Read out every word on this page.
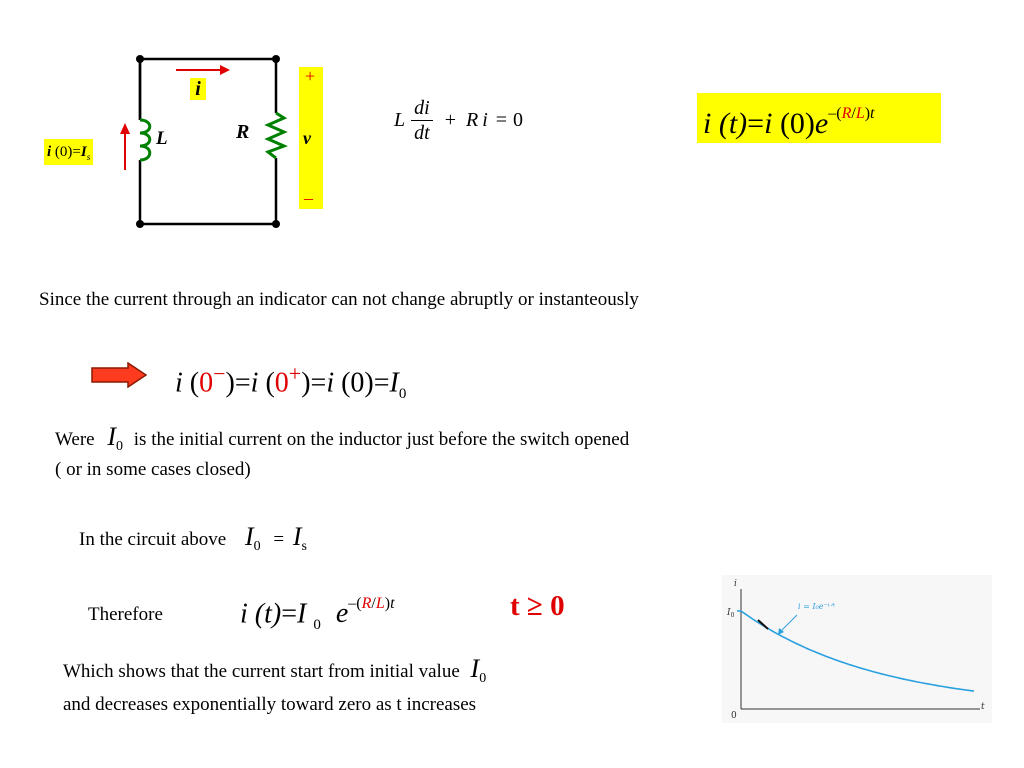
i
L	R
+
v
–
i $(0)=I_s$
L $\frac{di}{dt} + R$ i = 0	i (t)=i $(0)e^{-(R/L)t}$
Since the current through an indicator can not change abruptly or instanteously
i (0−)=i (0+)=i $(0)=I_0$
Were $I_0$ is the initial current on the inductor just before the switch opened
( or in some cases closed)
In the circuit above $I_0 = I_s$
Therefore	i (t)=I $_0$ $e^{-(R/L)t}$	t ≥ 0
Which shows that the current start from initial value $I_0$
and decreases exponentially toward zero as t increases
i
$I_0$
0
t
i = I₀e⁻ᵗᐟᵗ
